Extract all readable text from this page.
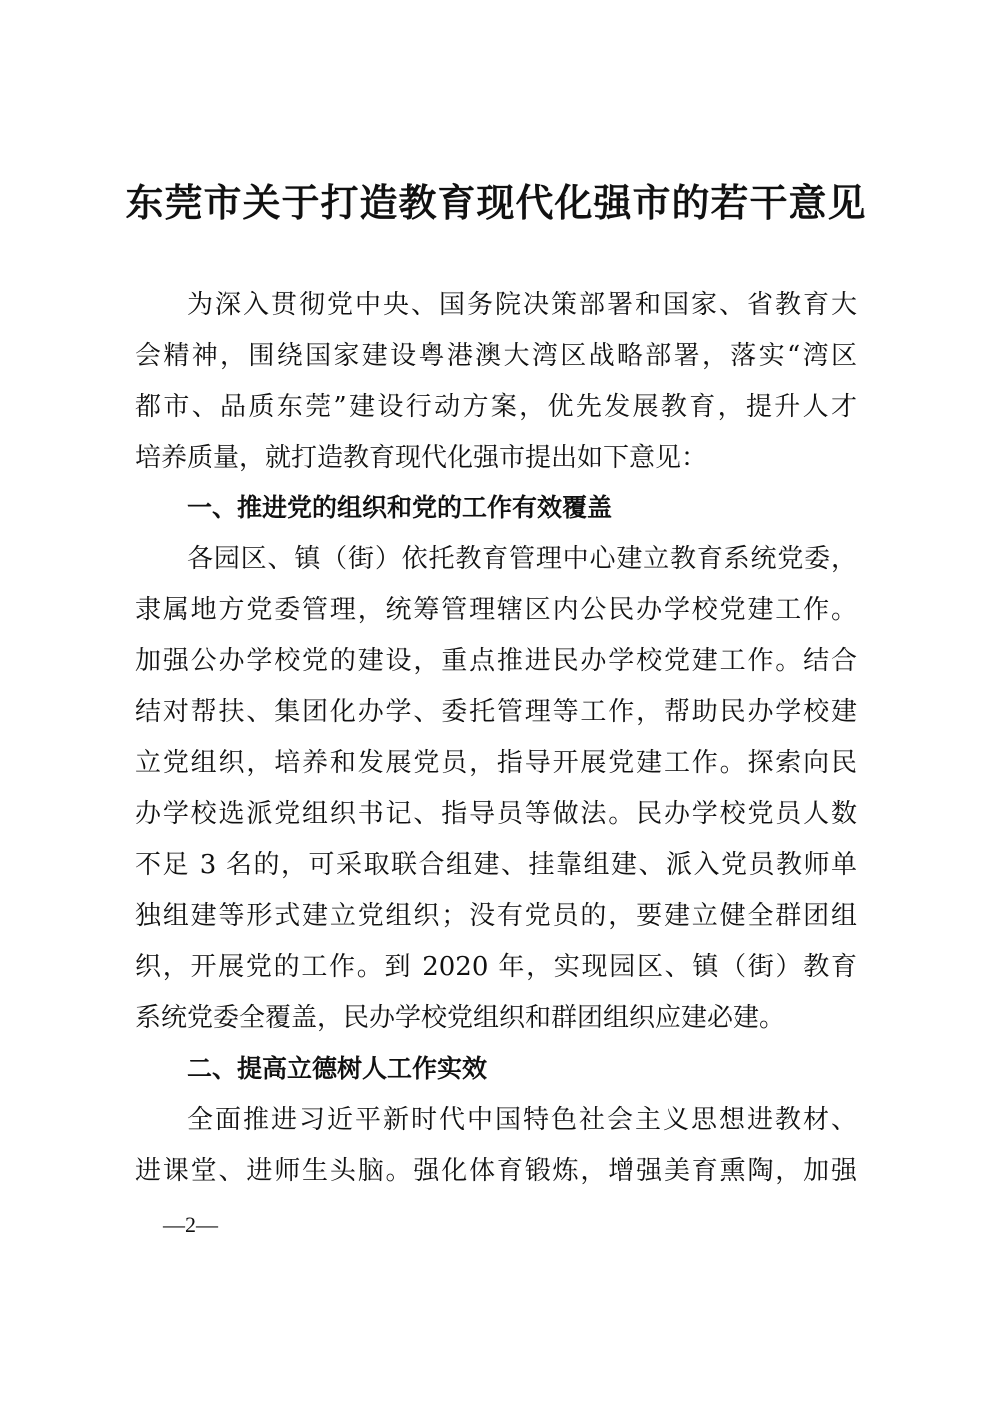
东莞市关于打造教育现代化强市的若干意见

为深入贯彻党中央、国务院决策部署和国家、省教育大

会精神，围绕国家建设粤港澳大湾区战略部署，落实“湾区

都市、品质东莞”建设行动方案，优先发展教育，提升人才

培养质量，就打造教育现代化强市提出如下意见：

一、推进党的组织和党的工作有效覆盖

各园区、镇（街）依托教育管理中心建立教育系统党委，

隶属地方党委管理，统筹管理辖区内公民办学校党建工作。

加强公办学校党的建设，重点推进民办学校党建工作。结合

结对帮扶、集团化办学、委托管理等工作，帮助民办学校建

立党组织，培养和发展党员，指导开展党建工作。探索向民

办学校选派党组织书记、指导员等做法。民办学校党员人数

不足 3 名的，可采取联合组建、挂靠组建、派入党员教师单

独组建等形式建立党组织；没有党员的，要建立健全群团组

织，开展党的工作。到 2020 年，实现园区、镇（街）教育

系统党委全覆盖，民办学校党组织和群团组织应建必建。

二、提高立德树人工作实效

全面推进习近平新时代中国特色社会主义思想进教材、

进课堂、进师生头脑。强化体育锻炼，增强美育熏陶，加强

—2—
